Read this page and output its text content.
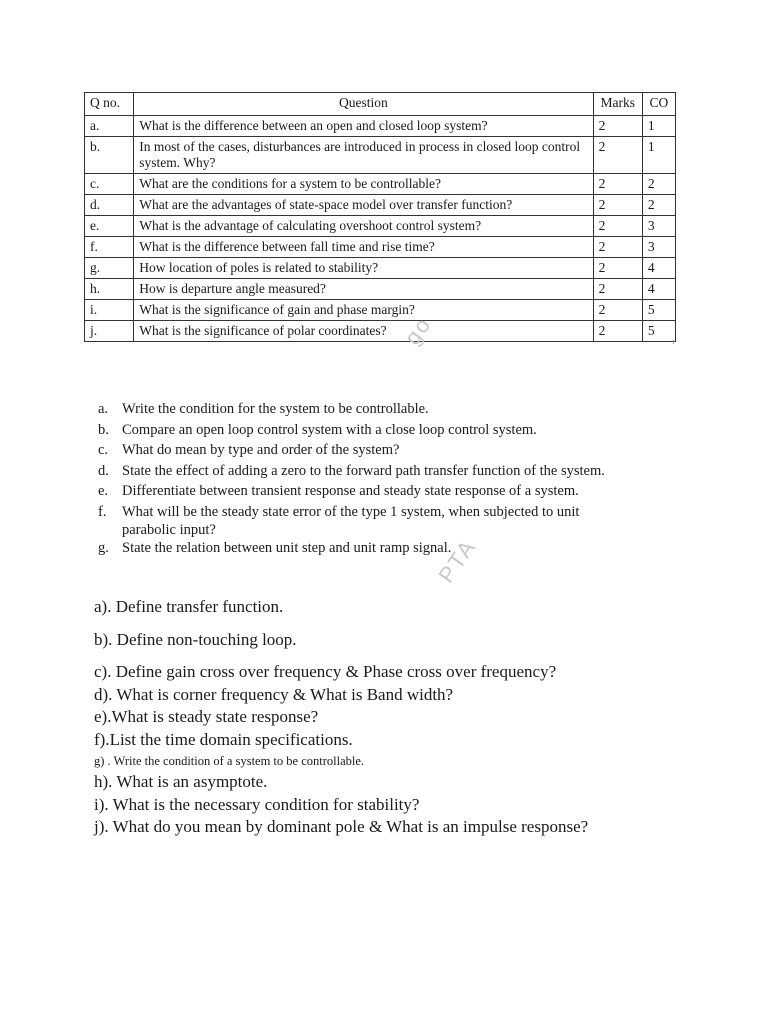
Q no.	Question	Marks	CO
a.	What is the difference between an open and closed loop system?	2	1
b.	In most of the cases, disturbances are introduced in process in closed loop control system. Why?	2	1
c.	What are the conditions for a system to be controllable?	2	2
d.	What are the advantages of state-space model over transfer function?	2	2
e.	What is the advantage of calculating overshoot control system?	2	3
f.	What is the difference between fall time and rise time?	2	3
g.	How location of poles is related to stability?	2	4
h.	How is departure angle measured?	2	4
i.	What is the significance of gain and phase margin?	2	5
j.	What is the significance of polar coordinates?	2	5
a. Write the condition for the system to be controllable.
b. Compare an open loop control system with a close loop control system.
c. What do mean by type and order of the system?
d. State the effect of adding a zero to the forward path transfer function of the system.
e. Differentiate between transient response and steady state response of a system.
f.	What will be the steady state error of the type 1 system, when subjected to unit
parabolic input?
g. State the relation between unit step and unit ramp signal.
a). Define transfer function.
b). Define non-touching loop.
c). Define gain cross over frequency & Phase cross over frequency?
d). What is corner frequency & What is Band width?
e).What is steady state response?
f).List the time domain specifications.
g) . Write the condition of a system to be controllable.
h). What is an asymptote.
i). What is the necessary condition for stability?
j). What do you mean by dominant pole & What is an impulse response?
go
PTA
